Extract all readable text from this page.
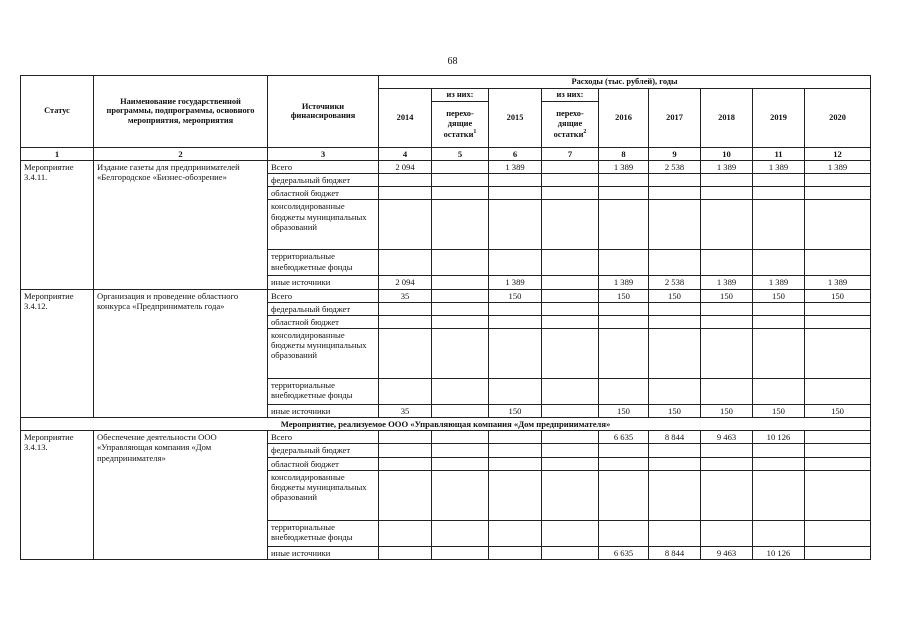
68
Статус	Наименование государственной программы, подпрограммы, основного мероприятия, мероприятия	Источники финансирования	Расходы (тыс. рублей), годы								
			2014	из них:	2015	из них:	2016	2017	2018	2019	2020
				перехо-дящие остатки$^1$		перехо-дящие остатки$^2$
1	2	3	4	5	6	7	8	9	10	11	12
Мероприятие 3.4.11.	Издание газеты для предпринимателей «Белгородское «Бизнес-обозрение»	Всего	2 094		1 389		1 389	2 538	1 389	1 389	1 389
		федеральный бюджет									
		областной бюджет									
		консолидированные бюджеты муниципальных образований									
		территориальные внебюджетные фонды									
		иные источники	2 094		1 389		1 389	2 538	1 389	1 389	1 389
Мероприятие 3.4.12.	Организация и проведение областного конкурса «Предприниматель года»	Всего	35		150		150	150	150	150	150
		федеральный бюджет									
		областной бюджет									
		консолидированные бюджеты муниципальных образований									
		территориальные внебюджетные фонды									
		иные источники	35		150		150	150	150	150	150
Мероприятие, реализуемое ООО «Управляющая компания «Дом предпринимателя»											
Мероприятие 3.4.13.	Обеспечение деятельности ООО «Управляющая компания «Дом предпринимателя»	Всего					6 635	8 844	9 463	10 126	
		федеральный бюджет									
		областной бюджет									
		консолидированные бюджеты муниципальных образований									
		территориальные внебюджетные фонды									
		иные источники					6 635	8 844	9 463	10 126	
